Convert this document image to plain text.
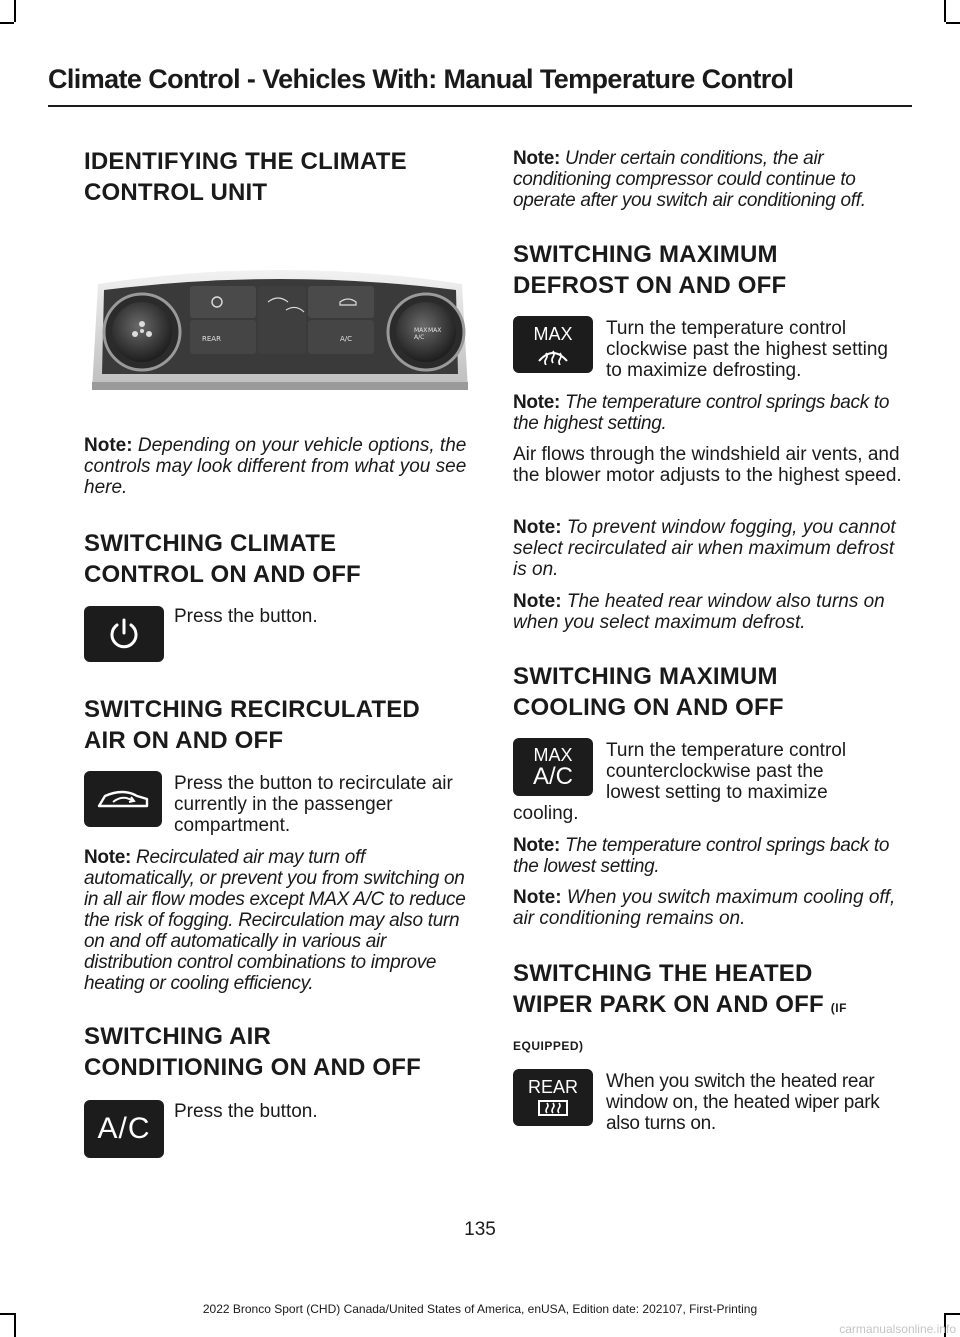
Climate Control - Vehicles With: Manual Temperature Control
IDENTIFYING THE CLIMATE
CONTROL UNIT
MAX
A/C
MAX
REAR	A/C
Note: Depending on your vehicle options, the controls may look different from what you see here.
SWITCHING CLIMATE
CONTROL ON AND OFF
Press the button.
SWITCHING RECIRCULATED
AIR ON AND OFF
Press the button to recirculate air currently in the passenger compartment.
Note: Recirculated air may turn off automatically, or prevent you from switching on in all air flow modes except MAX A/C to reduce the risk of fogging. Recirculation may also turn on and off automatically in various air distribution control combinations to improve heating or cooling efficiency.
SWITCHING AIR
CONDITIONING ON AND OFF
A/C
Press the button.
Note: Under certain conditions, the air conditioning compressor could continue to operate after you switch air conditioning off.
SWITCHING MAXIMUM
DEFROST ON AND OFF
MAX Turn the temperature control clockwise past the highest setting to maximize defrosting.
Note: The temperature control springs back to the highest setting.
Air flows through the windshield air vents, and the blower motor adjusts to the highest speed.
Note: To prevent window fogging, you cannot select recirculated air when maximum defrost is on.
Note: The heated rear window also turns on when you select maximum defrost.
SWITCHING MAXIMUM
COOLING ON AND OFF
MAX
A/C
Turn the temperature control
counterclockwise past the
lowest setting to maximize
cooling.
Note: The temperature control springs back to the lowest setting.
Note: When you switch maximum cooling off, air conditioning remains on.
SWITCHING THE HEATED
WIPER PARK ON AND OFF (IF
EQUIPPED)
REAR When you switch the heated rear window on, the heated wiper park also turns on.
135
2022 Bronco Sport (CHD) Canada/United States of America, enUSA, Edition date: 202107, First-Printing
carmanualsonline.info
